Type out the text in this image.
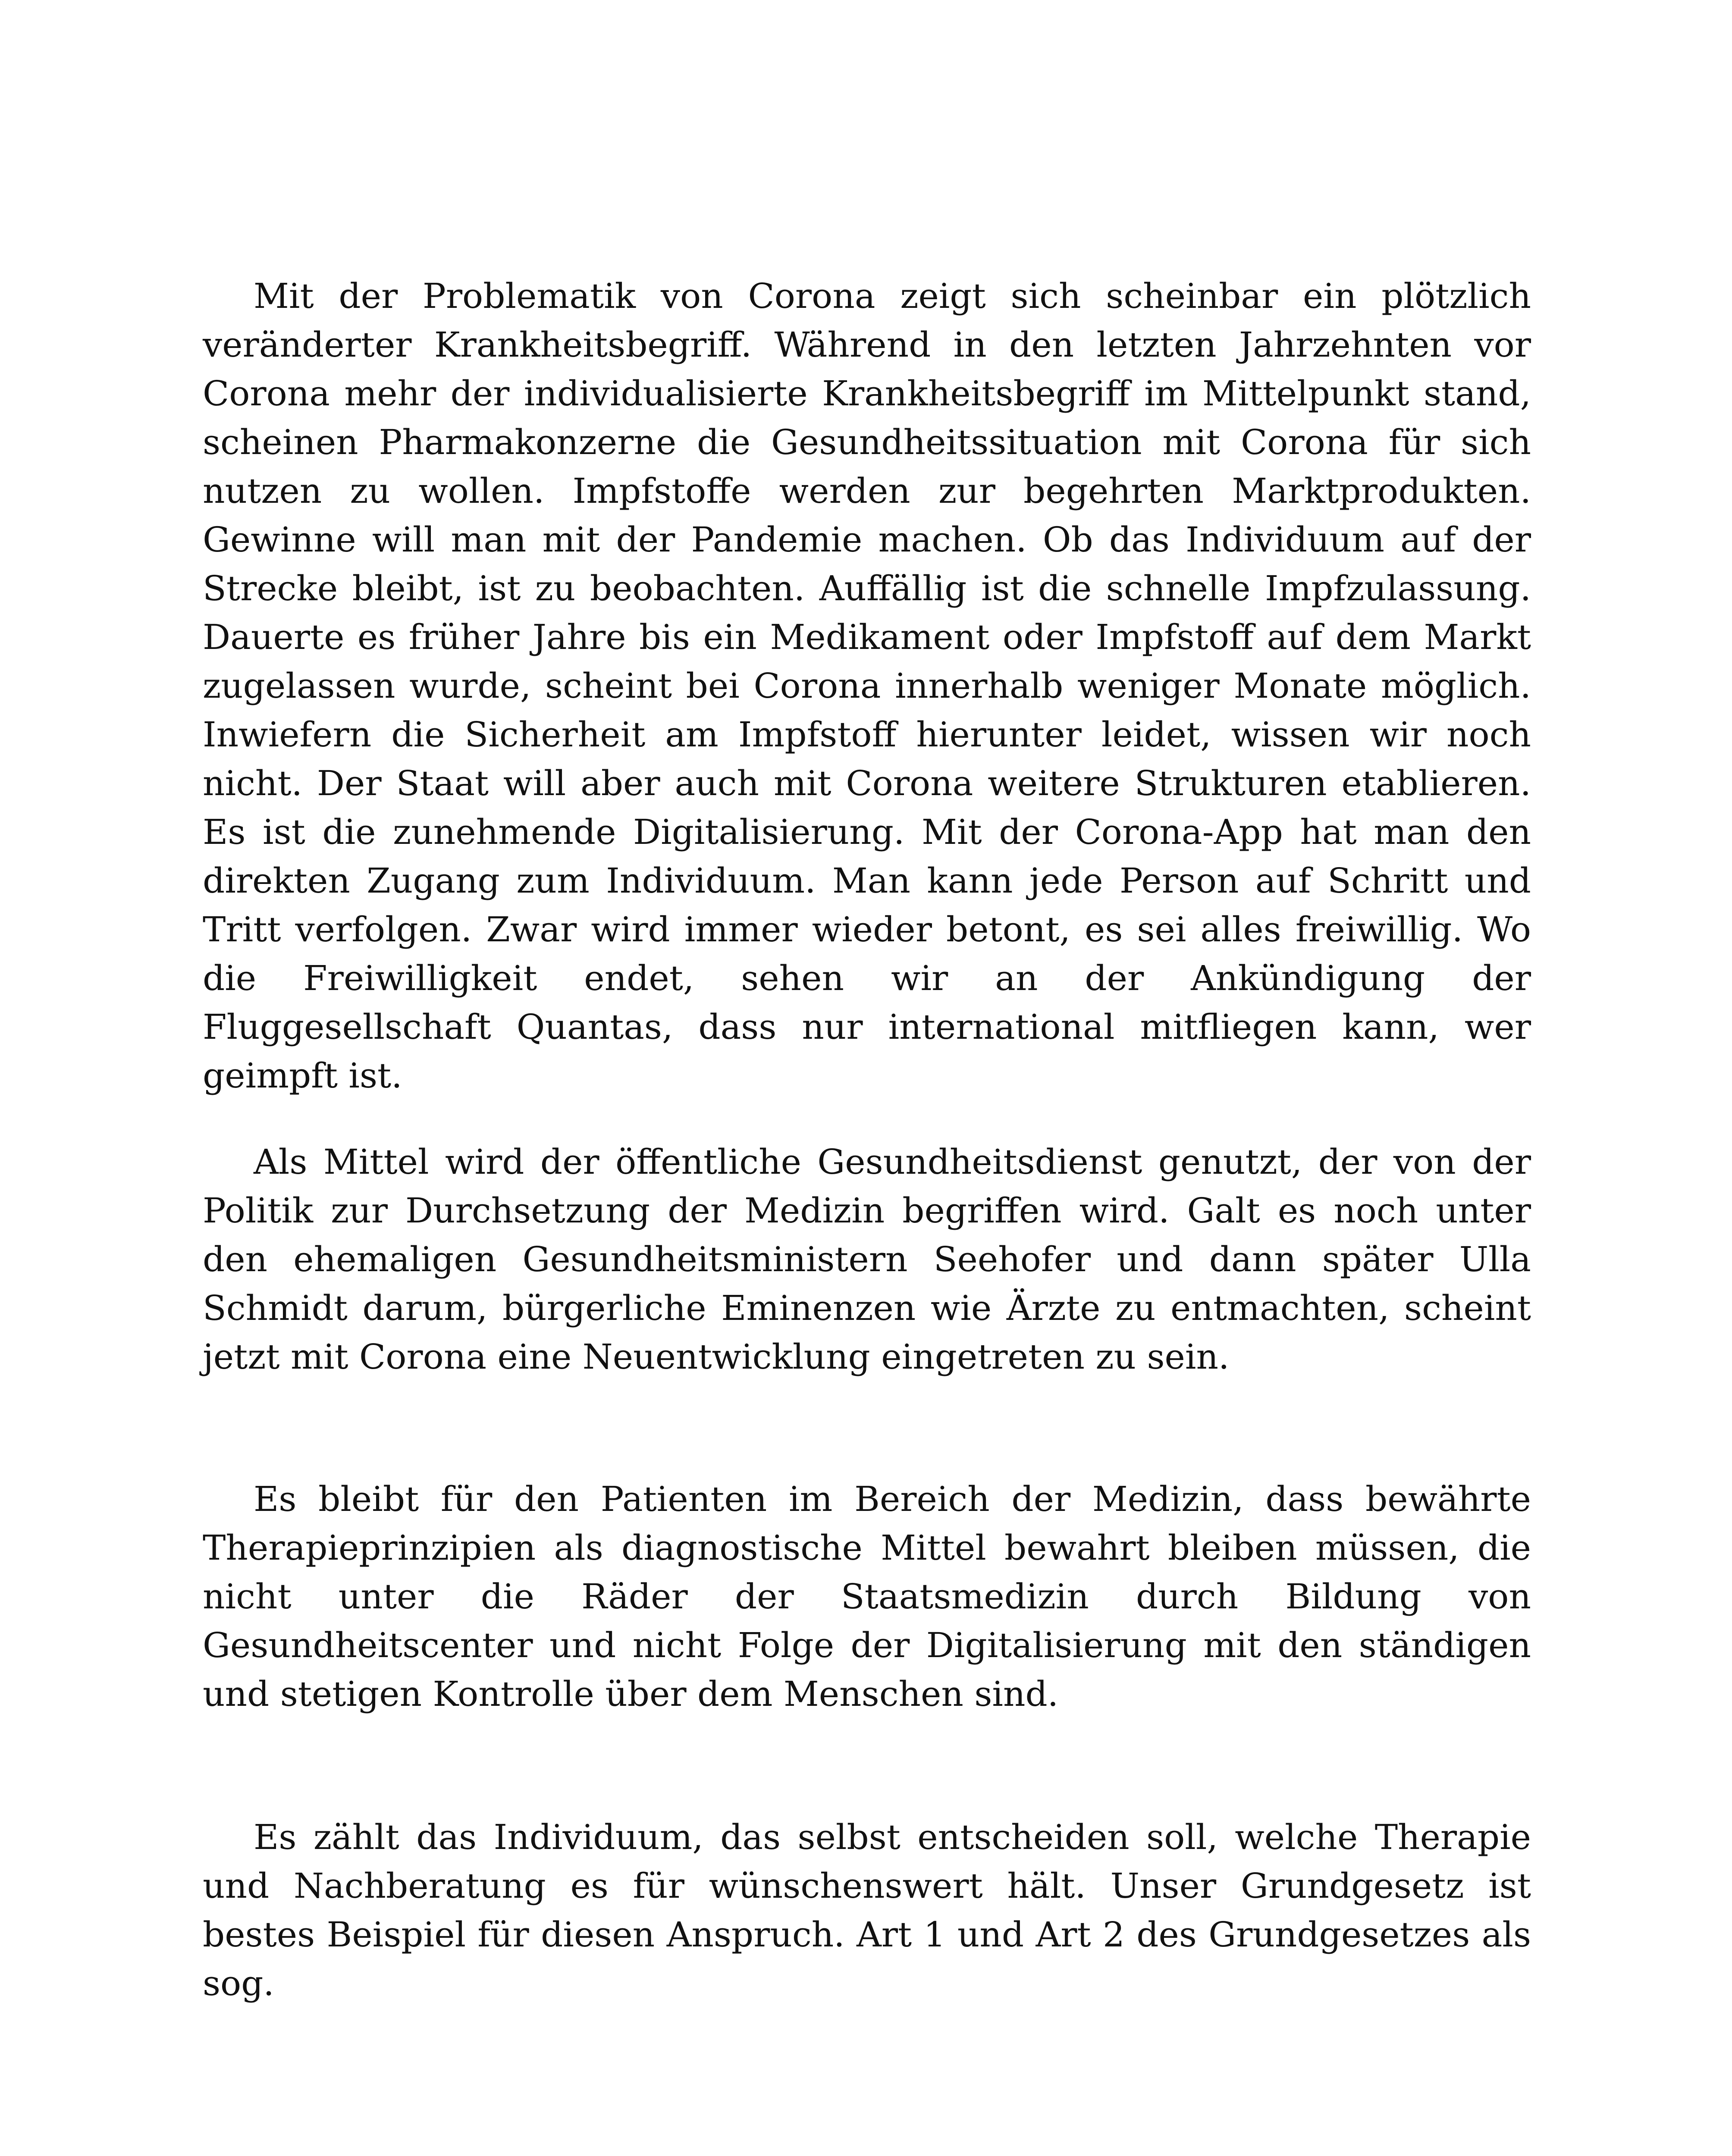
Mit der Problematik von Corona zeigt sich scheinbar ein plötzlich veränderter Krankheitsbegriff. Während in den letzten Jahrzehnten vor Corona mehr der individualisierte Krankheitsbegriff im Mittelpunkt stand, scheinen Pharmakonzerne die Gesundheitssituation mit Corona für sich nutzen zu wollen. Impfstoffe werden zur begehrten Marktprodukten. Gewinne will man mit der Pandemie machen. Ob das Individuum auf der Strecke bleibt, ist zu beobachten. Auffällig ist die schnelle Impfzulassung. Dauerte es früher Jahre bis ein Medikament oder Impfstoff auf dem Markt zugelassen wurde, scheint bei Corona innerhalb weniger Monate möglich. Inwiefern die Sicherheit am Impfstoff hierunter leidet, wissen wir noch nicht. Der Staat will aber auch mit Corona weitere Strukturen etablieren. Es ist die zunehmende Digitalisierung. Mit der Corona-App hat man den direkten Zugang zum Individuum. Man kann jede Person auf Schritt und Tritt verfolgen. Zwar wird immer wieder betont, es sei alles freiwillig. Wo die Freiwilligkeit endet, sehen wir an der Ankündigung der Fluggesellschaft Quantas, dass nur international mitfliegen kann, wer geimpft ist.

Als Mittel wird der öffentliche Gesundheitsdienst genutzt, der von der Politik zur Durchsetzung der Medizin begriffen wird. Galt es noch unter den ehemaligen Gesundheitsministern Seehofer und dann später Ulla Schmidt darum, bürgerliche Eminenzen wie Ärzte zu entmachten, scheint jetzt mit Corona eine Neuentwicklung eingetreten zu sein.

Es bleibt für den Patienten im Bereich der Medizin, dass bewährte Therapieprinzipien als diagnostische Mittel bewahrt bleiben müssen, die nicht unter die Räder der Staatsmedizin durch Bildung von Gesundheitscenter und nicht Folge der Digitalisierung mit den ständigen und stetigen Kontrolle über dem Menschen sind.

Es zählt das Individuum, das selbst entscheiden soll, welche Therapie und Nachberatung es für wünschenswert hält. Unser Grundgesetz ist bestes Beispiel für diesen Anspruch. Art 1 und Art 2 des Grundgesetzes als sog.
